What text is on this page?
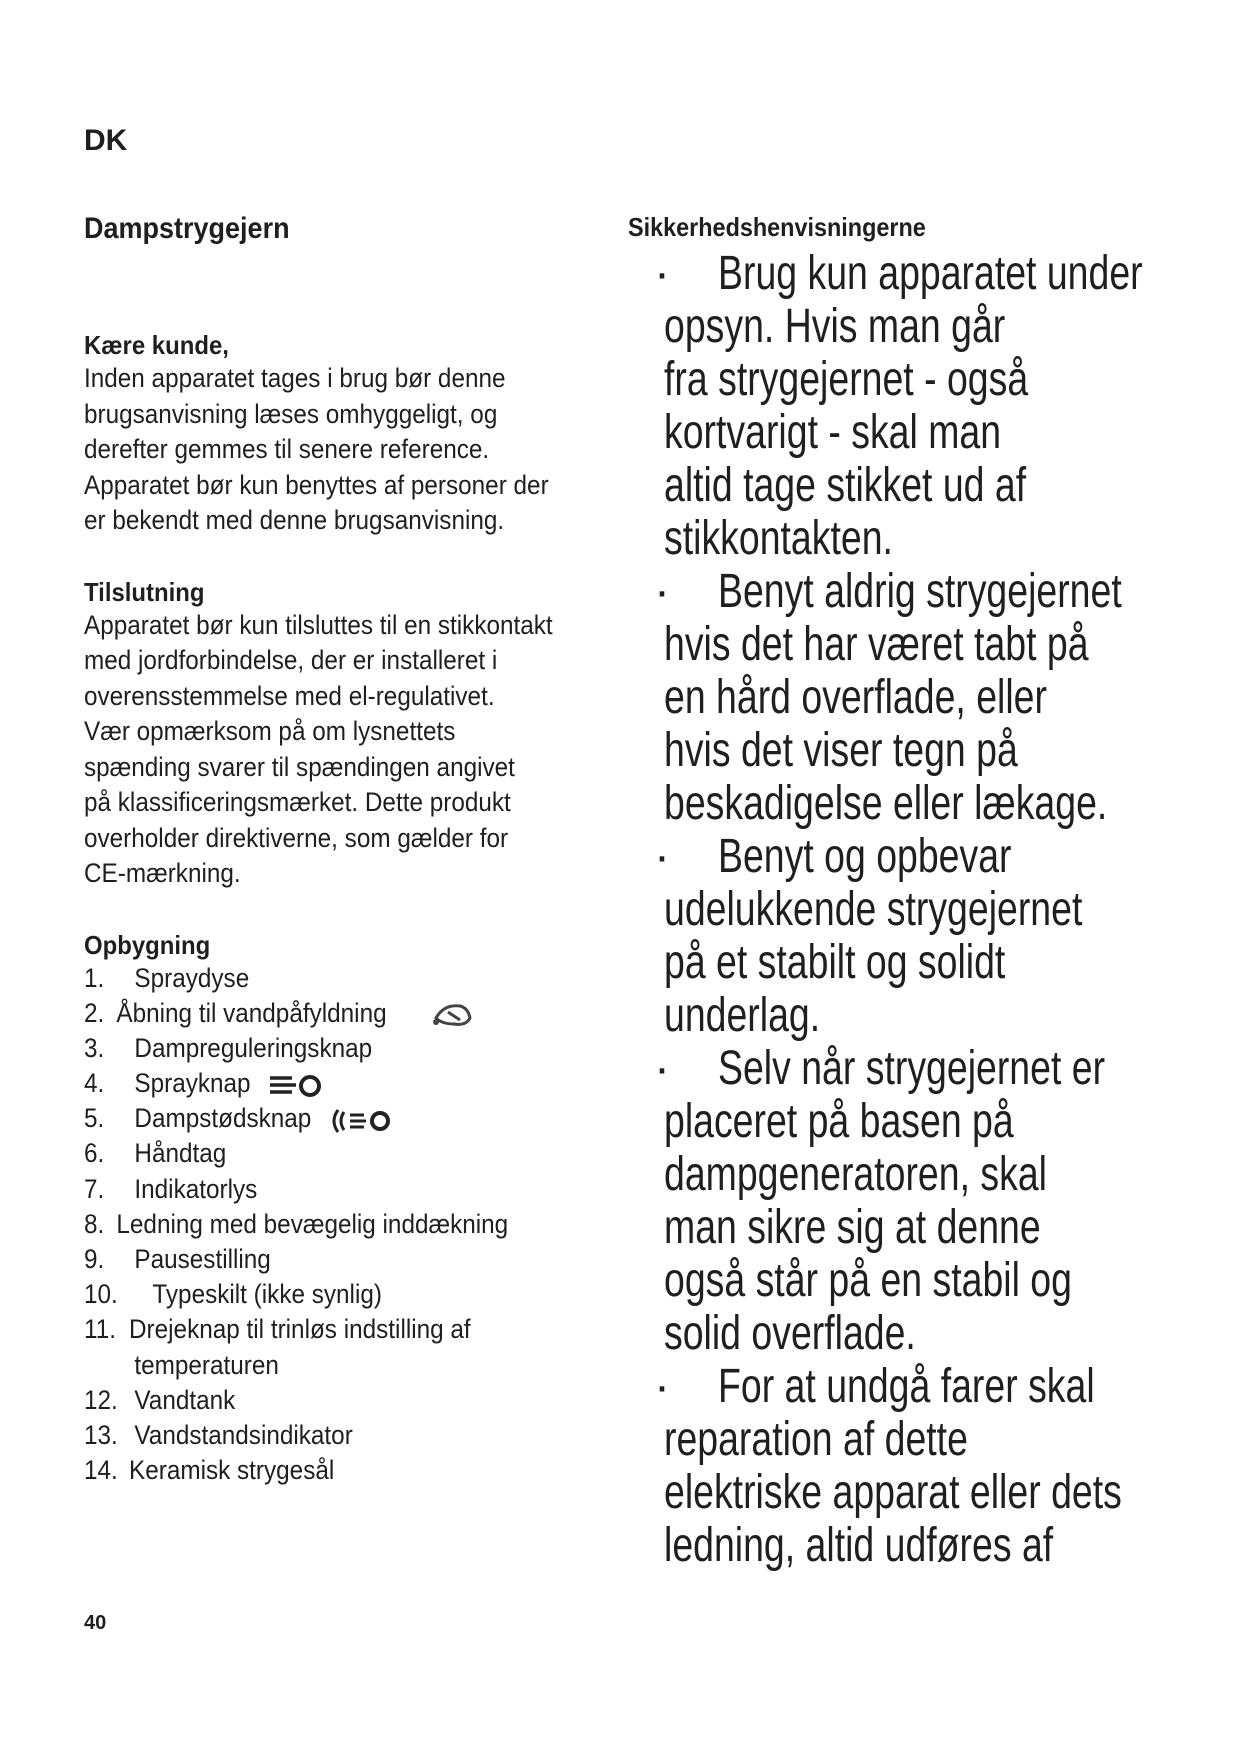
DK
Dampstrygejern
Kære kunde,

Inden apparatet tages i brug bør denne
brugsanvisning læses omhyggeligt, og
derefter gemmes til senere reference.
Apparatet bør kun benyttes af personer der
er bekendt med denne brugsanvisning.

Tilslutning

Apparatet bør kun tilsluttes til en stikkontakt
med jordforbindelse, der er installeret i
overensstemmelse med el-regulativet.
Vær opmærksom på om lysnettets
spænding svarer til spændingen angivet
på klassificeringsmærket. Dette produkt
overholder direktiverne, som gælder for
CE-mærkning.

Opbygning
1. Spraydyse
2. Åbning til vandpåfyldning
3. Dampreguleringsknap
4. Sprayknap
5. Dampstødsknap
6. Håndtag
7. Indikatorlys
8. Ledning med bevægelig inddækning
9. Pausestilling
10. Typeskilt (ikke synlig)
11. Drejeknap til trinløs indstilling af
temperaturen
12. Vandtank
13. Vandstandsindikator
14. Keramisk strygesål

40

Sikkerhedshenvisningerne
· Brug kun apparatet under
opsyn. Hvis man går
fra strygejernet - også
kortvarigt - skal man
altid tage stikket ud af
stikkontakten.
· Benyt aldrig strygejernet
hvis det har været tabt på
en hård overflade, eller
hvis det viser tegn på
beskadigelse eller lækage.
· Benyt og opbevar
udelukkende strygejernet
på et stabilt og solidt
underlag.
· Selv når strygejernet er
placeret på basen på
dampgeneratoren, skal
man sikre sig at denne
også står på en stabil og
solid overflade.
· For at undgå farer skal
reparation af dette
elektriske apparat eller dets
ledning, altid udføres af
